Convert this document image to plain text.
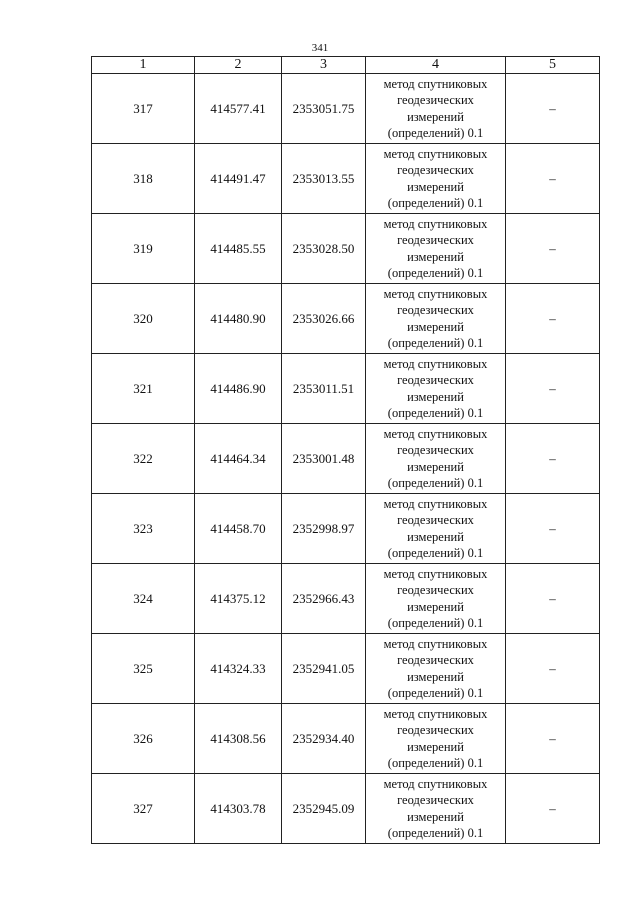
341
1	2	3	4	5
317	414577.41	2353051.75	метод спутниковых
геодезических
измерений
(определений) 0.1	–
318	414491.47	2353013.55	метод спутниковых
геодезических
измерений
(определений) 0.1	–
319	414485.55	2353028.50	метод спутниковых
геодезических
измерений
(определений) 0.1	–
320	414480.90	2353026.66	метод спутниковых
геодезических
измерений
(определений) 0.1	–
321	414486.90	2353011.51	метод спутниковых
геодезических
измерений
(определений) 0.1	–
322	414464.34	2353001.48	метод спутниковых
геодезических
измерений
(определений) 0.1	–
323	414458.70	2352998.97	метод спутниковых
геодезических
измерений
(определений) 0.1	–
324	414375.12	2352966.43	метод спутниковых
геодезических
измерений
(определений) 0.1	–
325	414324.33	2352941.05	метод спутниковых
геодезических
измерений
(определений) 0.1	–
326	414308.56	2352934.40	метод спутниковых
геодезических
измерений
(определений) 0.1	–
327	414303.78	2352945.09	метод спутниковых
геодезических
измерений
(определений) 0.1	–
